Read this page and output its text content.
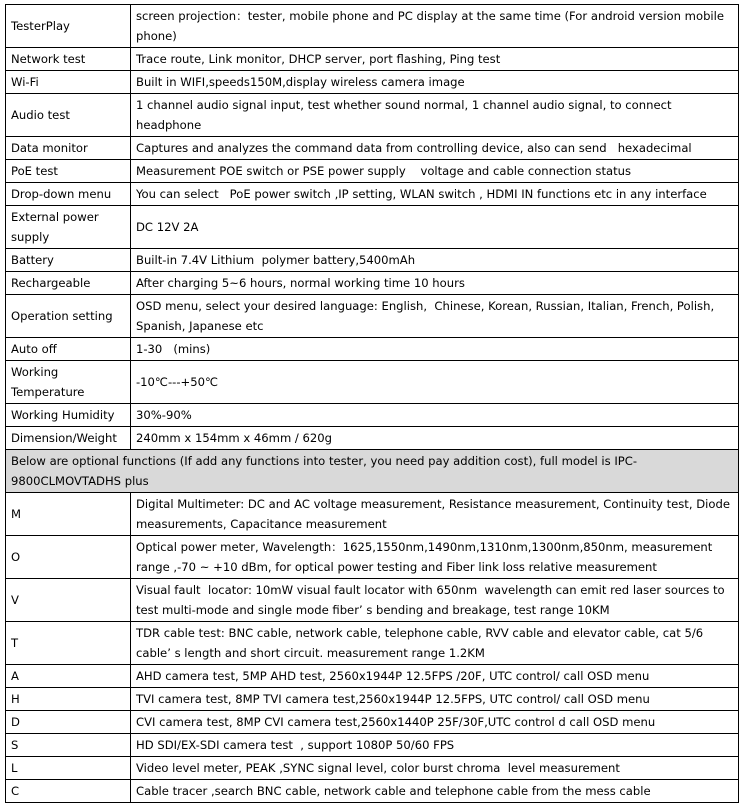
TesterPlay	screen projection：tester, mobile phone and PC display at the same time (For android version mobile phone)
Network test	Trace route, Link monitor, DHCP server, port flashing, Ping test
Wi-Fi	Built in WIFI,speeds150M,display wireless camera image
Audio test	1 channel audio signal input, test whether sound normal, 1 channel audio signal, to connect headphone
Data monitor	Captures and analyzes the command data from controlling device, also can send   hexadecimal
PoE test	Measurement POE switch or PSE power supply    voltage and cable connection status
Drop-down menu	You can select   PoE power switch ,IP setting, WLAN switch , HDMI IN functions etc in any interface
External power supply	DC 12V 2A
Battery	Built-in 7.4V Lithium  polymer battery,5400mAh
Rechargeable	After charging 5~6 hours, normal working time 10 hours
Operation setting	OSD menu, select your desired language: English,  Chinese, Korean, Russian, Italian, French, Polish, Spanish, Japanese etc
Auto off	1-30   (mins)
Working Temperature	-10℃---+50℃
Working Humidity	30%-90%
Dimension/Weight	240mm x 154mm x 46mm / 620g
Below are optional functions (If add any functions into tester, you need pay addition cost), full model is IPC-9800CLMOVTADHS plus	
M	Digital Multimeter: DC and AC voltage measurement, Resistance measurement, Continuity test, Diode measurements, Capacitance measurement
O	Optical power meter, Wavelength：1625,1550nm,1490nm,1310nm,1300nm,850nm, measurement range ,-70 ~ +10 dBm, for optical power testing and Fiber link loss relative measurement
V	Visual fault  locator: 10mW visual fault locator with 650nm  wavelength can emit red laser sources to test multi-mode and single mode fiber’ s bending and breakage, test range 10KM
T	TDR cable test: BNC cable, network cable, telephone cable, RVV cable and elevator cable, cat 5/6 cable’ s length and short circuit. measurement range 1.2KM
A	AHD camera test, 5MP AHD test, 2560x1944P 12.5FPS /20F, UTC control/ call OSD menu
H	TVI camera test, 8MP TVI camera test,2560x1944P 12.5FPS, UTC control/ call OSD menu
D	CVI camera test, 8MP CVI camera test,2560x1440P 25F/30F,UTC control d call OSD menu
S	HD SDI/EX-SDI camera test  , support 1080P 50/60 FPS
L	Video level meter, PEAK ,SYNC signal level, color burst chroma  level measurement
C	Cable tracer ,search BNC cable, network cable and telephone cable from the mess cable
